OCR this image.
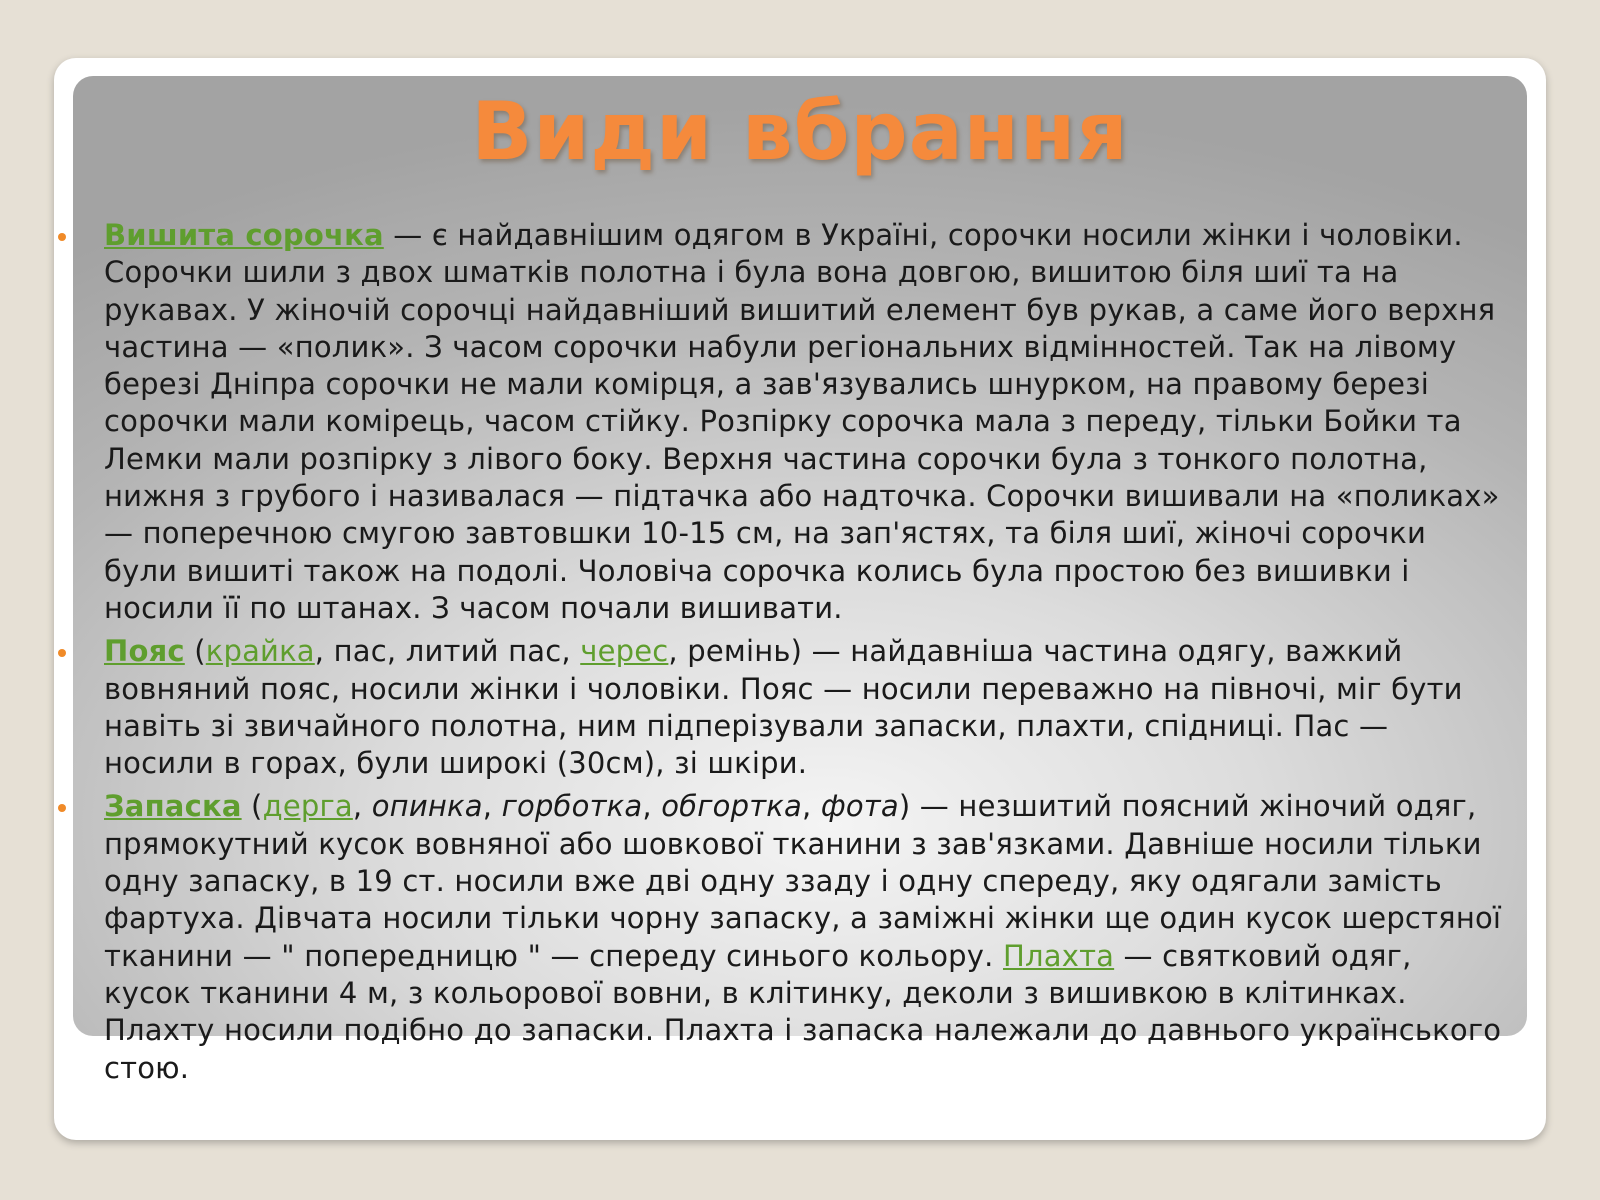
Види вбрання
Вишита сорочка — є найдавнішим одягом в Україні, сорочки носили жінки і чоловіки. Сорочки шили з двох шматків полотна і була вона довгою, вишитою біля шиї та на рукавах. У жіночій сорочці найдавніший вишитий елемент був рукав, а саме його верхня частина — «полик». З часом сорочки набули регіональних відмінностей. Так на лівому березі Дніпра сорочки не мали комірця, а зав'язувались шнурком, на правому березі сорочки мали комірець, часом стійку. Розпірку сорочка мала з переду, тільки Бойки та Лемки мали розпірку з лівого боку. Верхня частина сорочки була з тонкого полотна, нижня з грубого і називалася — підтачка або надточка. Сорочки вишивали на «поликах» — поперечною смугою завтовшки 10-15 см, на зап'ястях, та біля шиї, жіночі сорочки були вишиті також на подолі. Чоловіча сорочка колись була простою без вишивки і носили її по штанах. З часом почали вишивати.
Пояс (крайка, пас, литий пас, черес, ремінь) — найдавніша частина одягу, важкий вовняний пояс, носили жінки і чоловіки. Пояс — носили переважно на півночі, міг бути навіть зі звичайного полотна, ним підперізували запаски, плахти, спідниці. Пас — носили в горах, були широкі (30см), зі шкіри.
Запаска (дерга, опинка, горботка, обгортка, фота) — незшитий поясний жіночий одяг, прямокутний кусок вовняної або шовкової тканини з зав'язками. Давніше носили тільки одну запаску, в 19 ст. носили вже дві одну ззаду і одну спереду, яку одягали замість фартуха. Дівчата носили тільки чорну запаску, а заміжні жінки ще один кусок шерстяної тканини — " попередницю " — спереду синього кольору. Плахта — святковий одяг, кусок тканини 4 м, з кольорової вовни, в клітинку, деколи з вишивкою в клітинках. Плахту носили подібно до запаски. Плахта і запаска належали до давнього українського стою.
